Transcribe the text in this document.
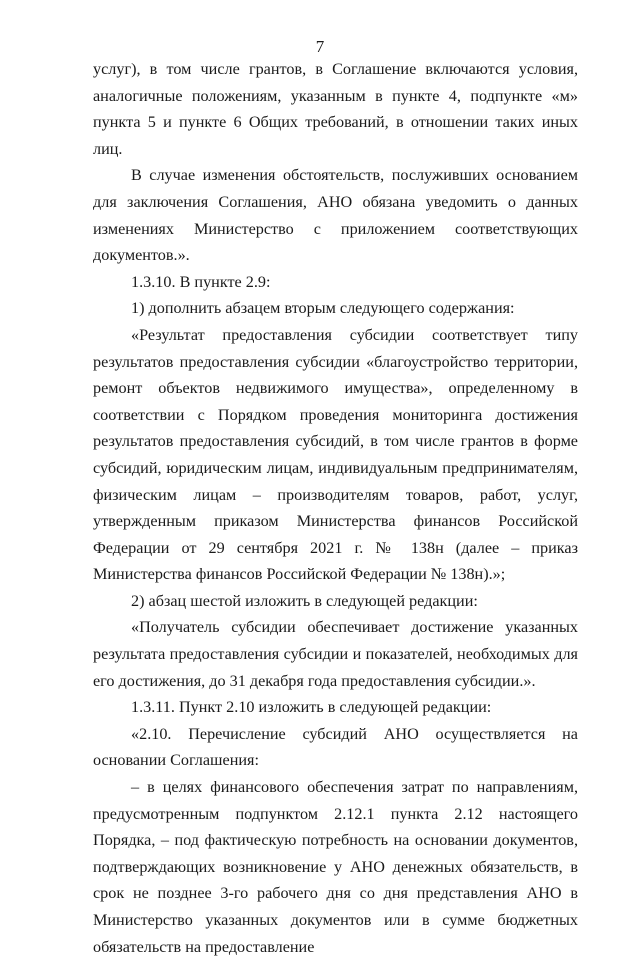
7

услуг), в том числе грантов, в Соглашение включаются условия, аналогичные положениям, указанным в пункте 4, подпункте «м» пункта 5 и пункте 6 Общих требований, в отношении таких иных лиц.

В случае изменения обстоятельств, послуживших основанием для заключения Соглашения, АНО обязана уведомить о данных изменениях Министерство с приложением соответствующих документов.».

1.3.10. В пункте 2.9:

1) дополнить абзацем вторым следующего содержания:

«Результат предоставления субсидии соответствует типу результатов предоставления субсидии «благоустройство территории, ремонт объектов недвижимого имущества», определенному в соответствии с Порядком проведения мониторинга достижения результатов предоставления субсидий, в том числе грантов в форме субсидий, юридическим лицам, индивидуальным предпринимателям, физическим лицам – производителям товаров, работ, услуг, утвержденным приказом Министерства финансов Российской Федерации от 29 сентября 2021 г. № 138н (далее – приказ Министерства финансов Российской Федерации № 138н).»;

2) абзац шестой изложить в следующей редакции:

«Получатель субсидии обеспечивает достижение указанных результата предоставления субсидии и показателей, необходимых для его достижения, до 31 декабря года предоставления субсидии.».

1.3.11. Пункт 2.10 изложить в следующей редакции:

«2.10. Перечисление субсидий АНО осуществляется на основании Соглашения:

– в целях финансового обеспечения затрат по направлениям, предусмотренным подпунктом 2.12.1 пункта 2.12 настоящего Порядка, – под фактическую потребность на основании документов, подтверждающих возникновение у АНО денежных обязательств, в срок не позднее 3-го рабочего дня со дня представления АНО в Министерство указанных документов или в сумме бюджетных обязательств на предоставление
